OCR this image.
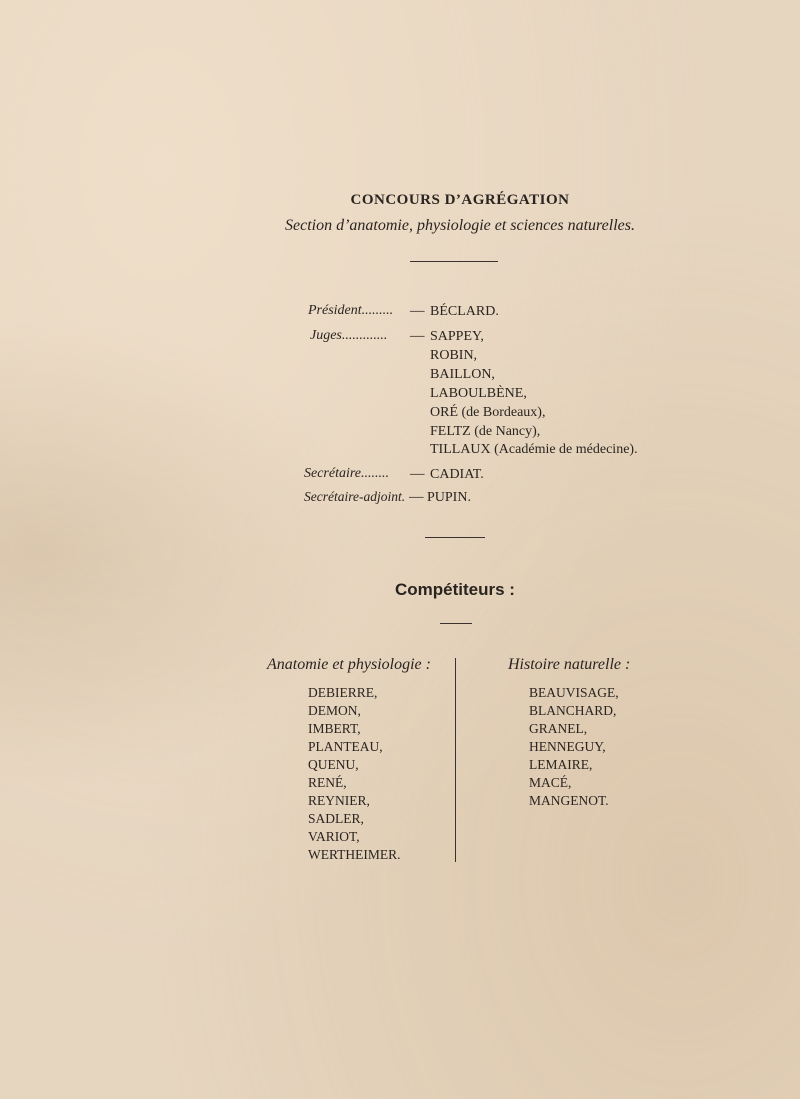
CONCOURS D’AGRÉGATION
Section d’anatomie, physiologie et sciences naturelles.
Président......... — BÉCLARD.
Juges............. — SAPPEY,
ROBIN,
BAILLON,
LABOULBÈNE,
ORÉ (de Bordeaux),
FELTZ (de Nancy),
TILLAUX (Académie de médecine).
Secrétaire........ — CADIAT.
Secrétaire-adjoint. — PUPIN.
Compétiteurs :
Anatomie et physiologie :	Histoire naturelle :
DEBIERRE,
DEMON,
IMBERT,
PLANTEAU,
QUENU,
RENÉ,
REYNIER,
SADLER,
VARIOT,
WERTHEIMER.
BEAUVISAGE,
BLANCHARD,
GRANEL,
HENNEGUY,
LEMAIRE,
MACÉ,
MANGENOT.
